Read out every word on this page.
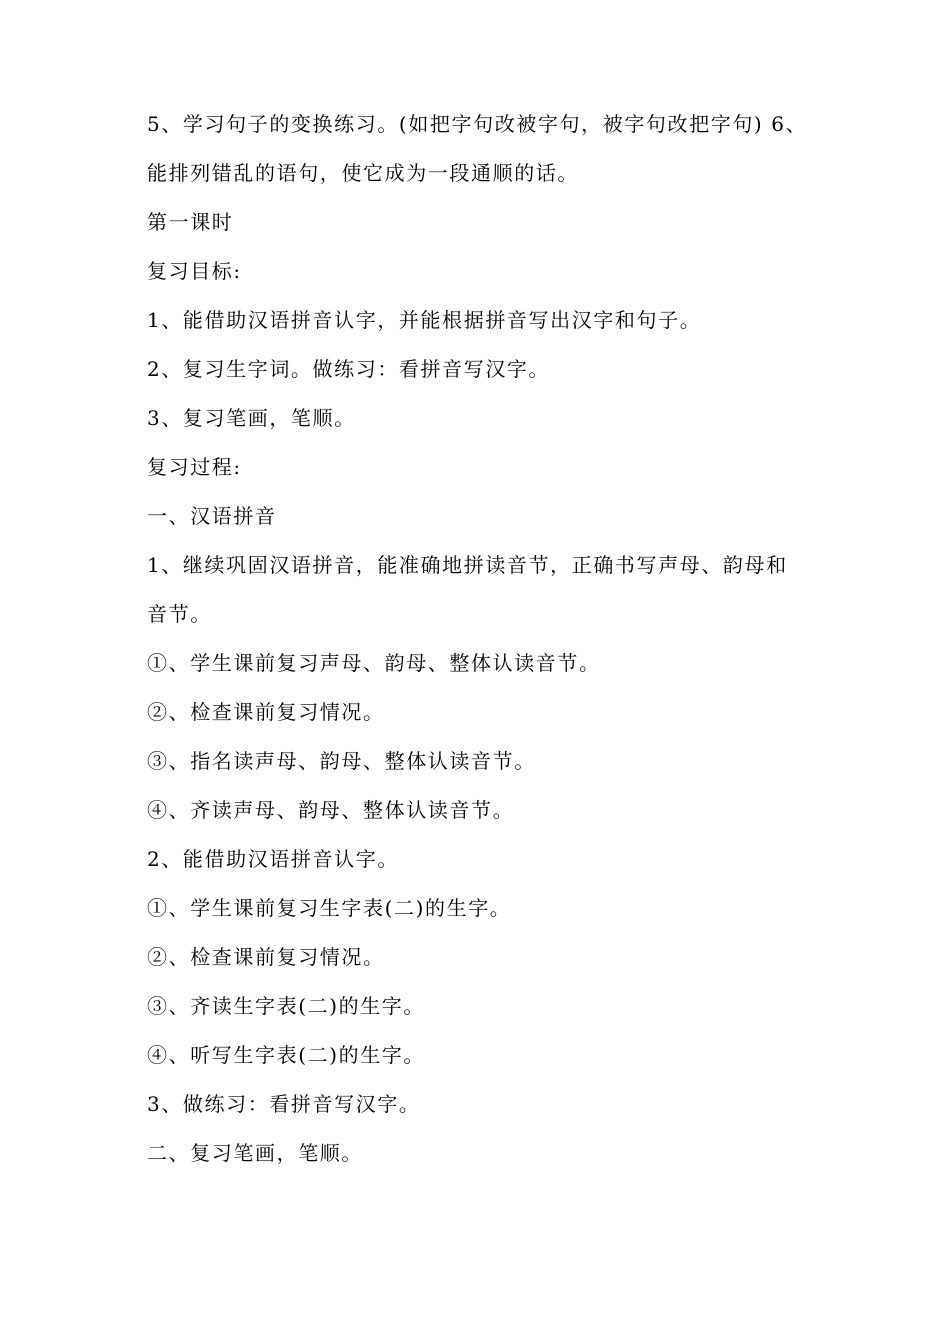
5、学习句子的变换练习。(如把字句改被字句，被字句改把字句) 6、
能排列错乱的语句，使它成为一段通顺的话。
第一课时
复习目标:
1、能借助汉语拼音认字，并能根据拼音写出汉字和句子。
2、复习生字词。做练习：看拼音写汉字。
3、复习笔画，笔顺。
复习过程:
一、汉语拼音
1、继续巩固汉语拼音，能准确地拼读音节，正确书写声母、韵母和
音节。
①、学生课前复习声母、韵母、整体认读音节。
②、检查课前复习情况。
③、指名读声母、韵母、整体认读音节。
④、齐读声母、韵母、整体认读音节。
2、能借助汉语拼音认字。
①、学生课前复习生字表(二)的生字。
②、检查课前复习情况。
③、齐读生字表(二)的生字。
④、听写生字表(二)的生字。
3、做练习：看拼音写汉字。
二、复习笔画，笔顺。
